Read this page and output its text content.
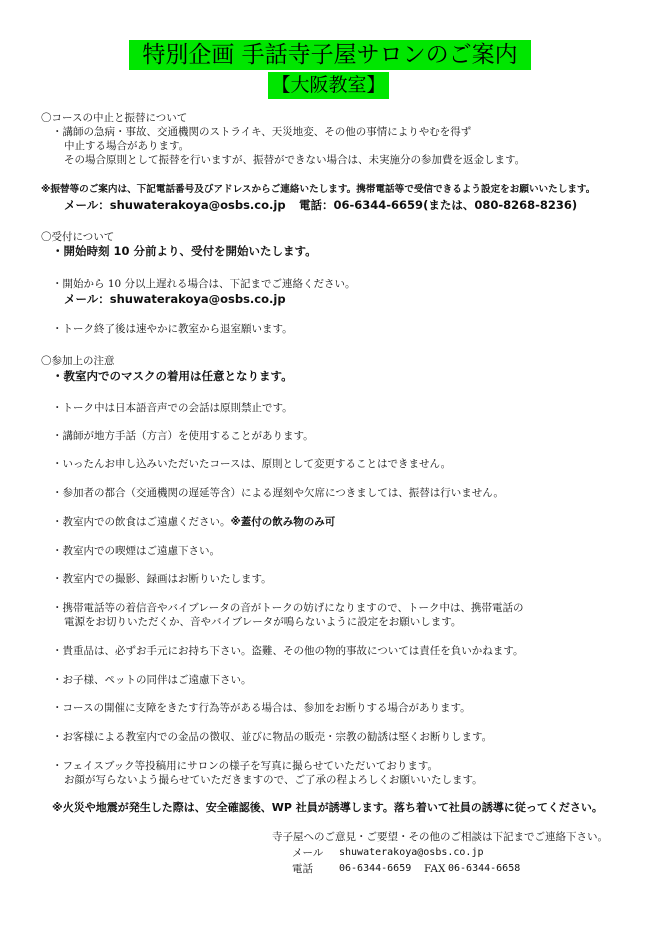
特別企画 手話寺子屋サロンのご案内
【大阪教室】
〇コースの中止と振替について
・講師の急病・事故、交通機関のストライキ、天災地変、その他の事情によりやむを得ず
中止する場合があります。
その場合原則として振替を行いますが、振替ができない場合は、未実施分の参加費を返金します。
※振替等のご案内は、下記電話番号及びアドレスからご連絡いたします。携帯電話等で受信できるよう設定をお願いいたします。
メール：shuwaterakoya@osbs.co.jp 電話：06-6344-6659(または、080-8268-8236)
〇受付について
・開始時刻 10 分前より、受付を開始いたします。
・開始から 10 分以上遅れる場合は、下記までご連絡ください。
メール：shuwaterakoya@osbs.co.jp
・トーク終了後は速やかに教室から退室願います。
〇参加上の注意
・教室内でのマスクの着用は任意となります。
・トーク中は日本語音声での会話は原則禁止です。
・講師が地方手話（方言）を使用することがあります。
・いったんお申し込みいただいたコースは、原則として変更することはできません。
・参加者の都合（交通機関の遅延等含）による遅刻や欠席につきましては、振替は行いません。
・教室内での飲食はご遠慮ください。※蓋付の飲み物のみ可
・教室内での喫煙はご遠慮下さい。
・教室内での撮影、録画はお断りいたします。
・携帯電話等の着信音やバイブレータの音がトークの妨げになりますので、トーク中は、携帯電話の
電源をお切りいただくか、音やバイブレータが鳴らないように設定をお願いします。
・貴重品は、必ずお手元にお持ち下さい。盗難、その他の物的事故については責任を負いかねます。
・お子様、ペットの同伴はご遠慮下さい。
・コースの開催に支障をきたす行為等がある場合は、参加をお断りする場合があります。
・お客様による教室内での金品の徴収、並びに物品の販売・宗教の勧誘は堅くお断りします。
・フェイスブック等投稿用にサロンの様子を写真に撮らせていただいております。
お顔が写らないよう撮らせていただきますので、ご了承の程よろしくお願いいたします。
※火災や地震が発生した際は、安全確認後、WP 社員が誘導します。落ち着いて社員の誘導に従ってください。
寺子屋へのご意見・ご要望・その他のご相談は下記までご連絡下さい。
メール shuwaterakoya@osbs.co.jp
電話	06-6344-6659 FAX 06-6344-6658
